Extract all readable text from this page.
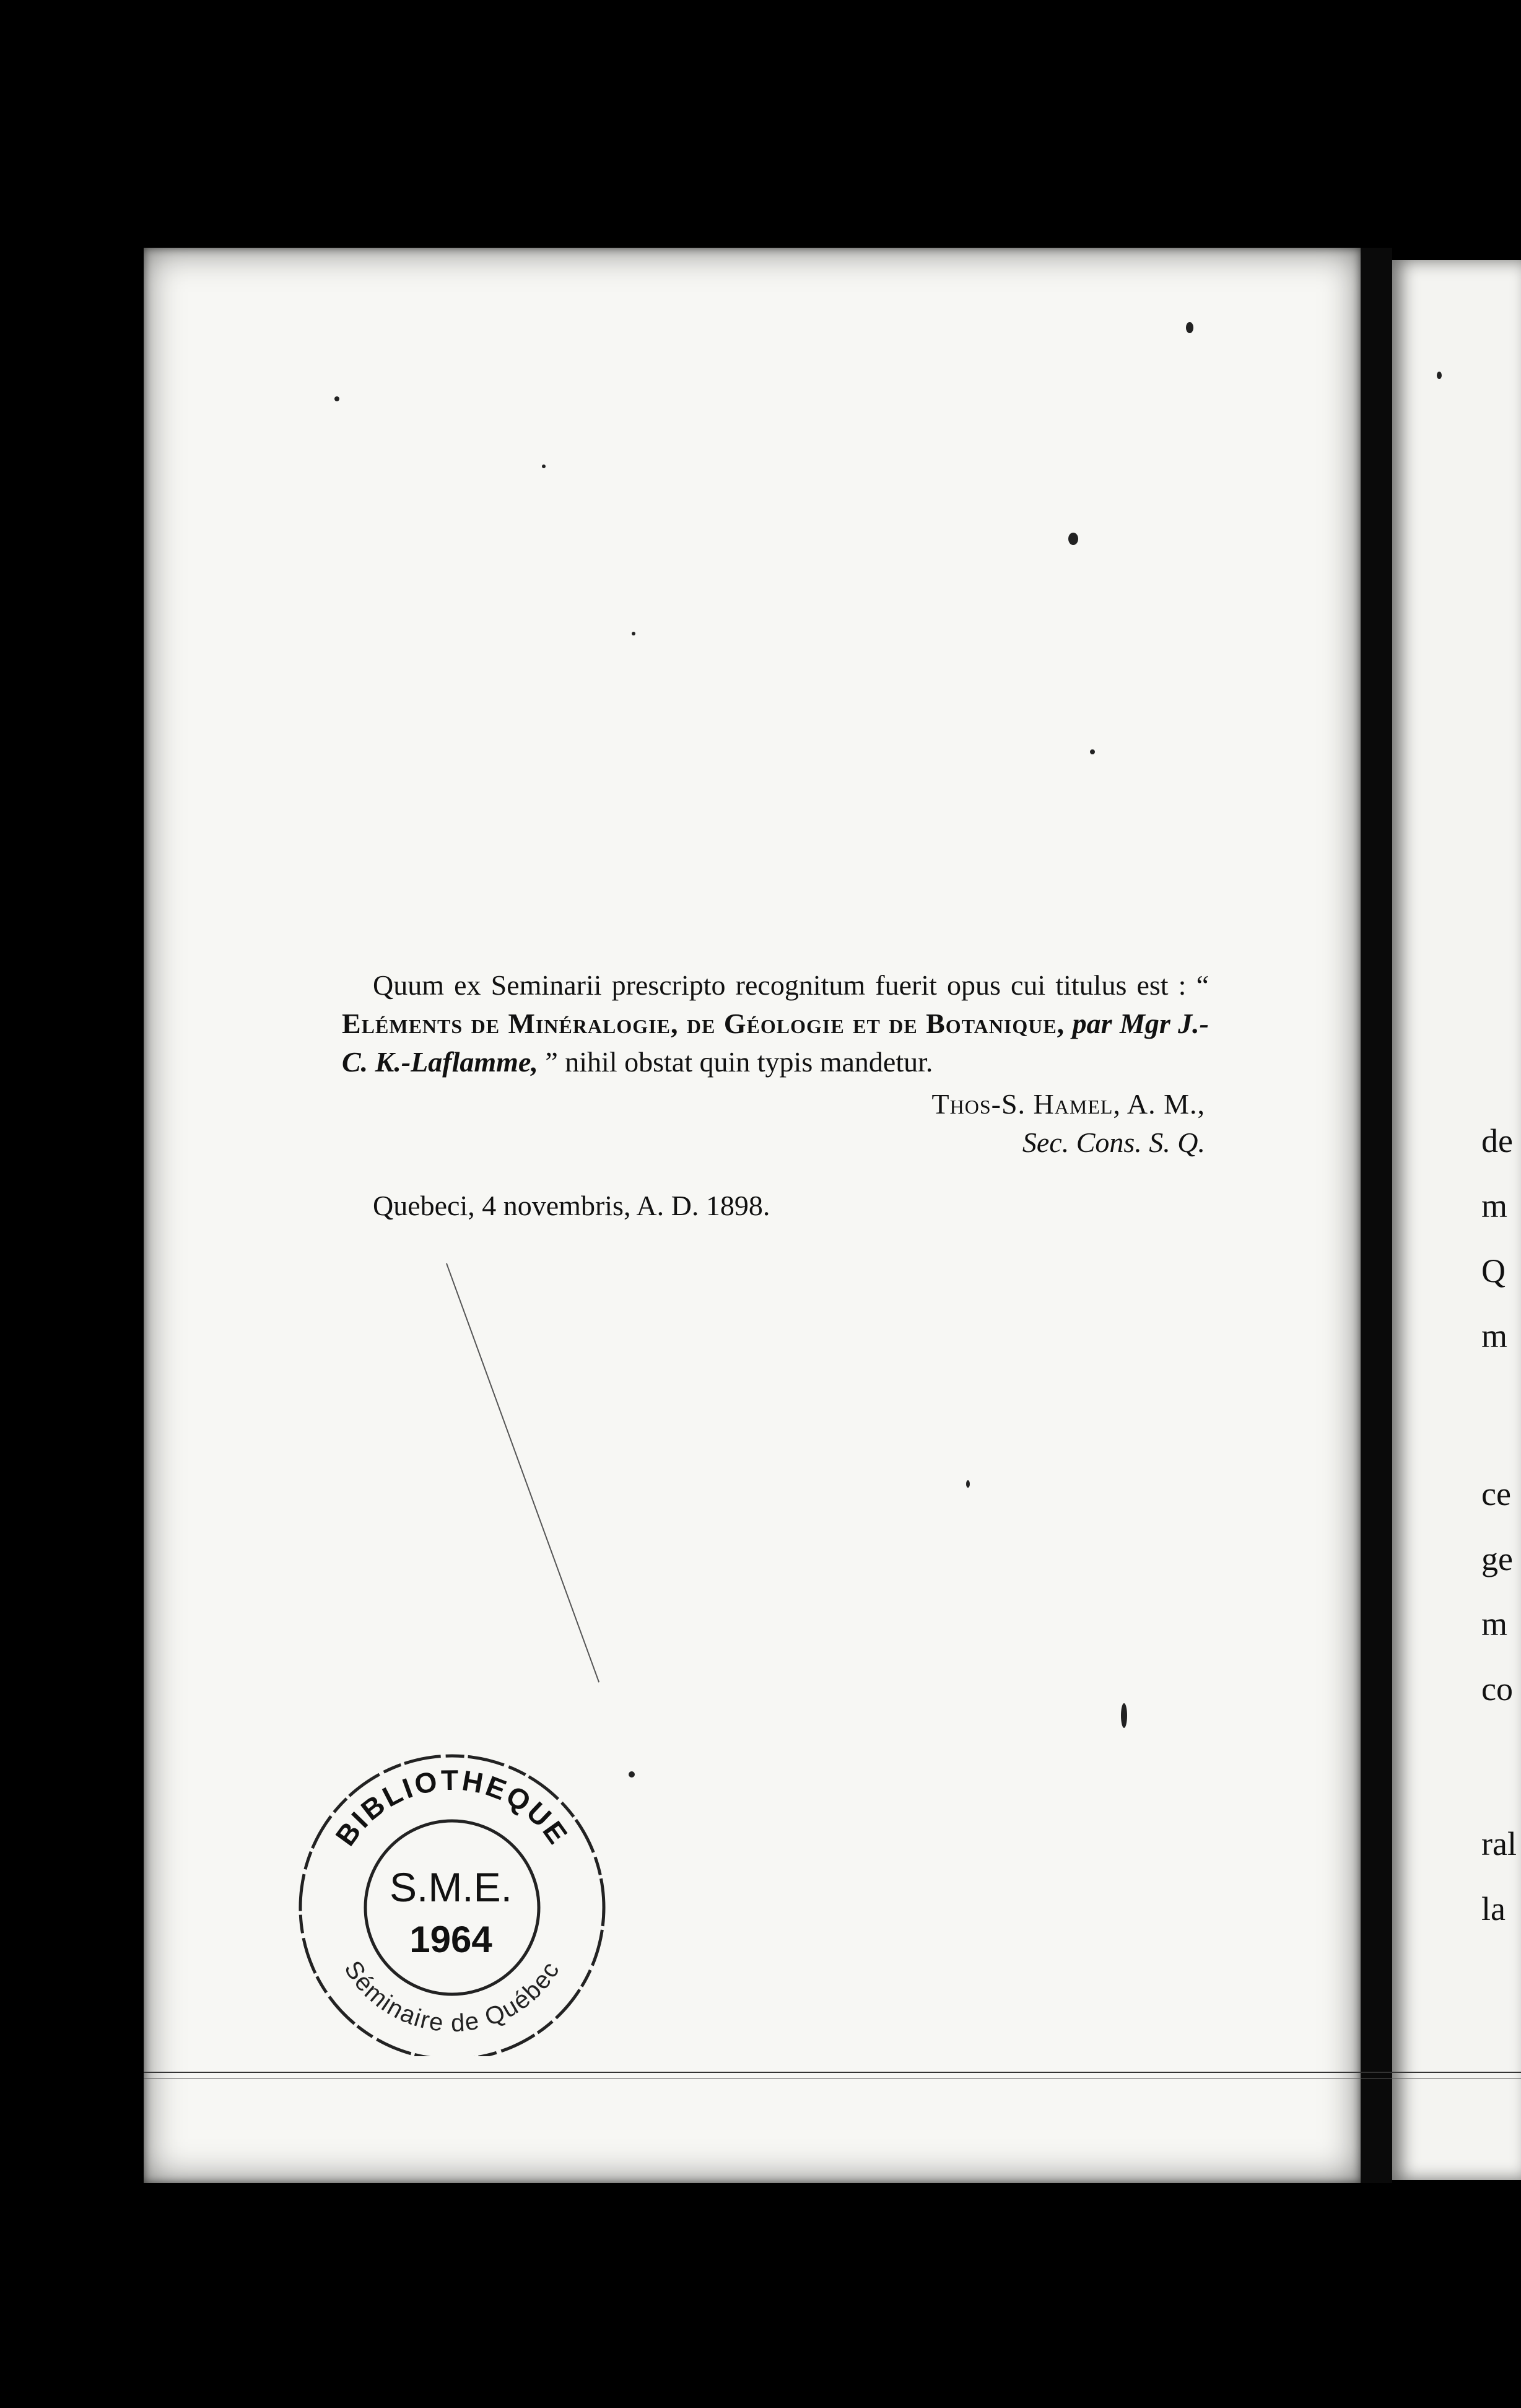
Quum ex Seminarii prescripto recognitum fuerit opus cui titulus est : “ Eléments de Minéralogie, de Géologie et de Botanique, par Mgr J.-C. K.-Laflamme, ” nihil obstat quin typis mandetur.

Thos-S. Hamel, A. M.,

Sec. Cons. S. Q.

Quebeci, 4 novembris, A. D. 1898.

BIBLIOTHEQUE
Séminaire de Québec
S.M.E.
1964
de
m
Q
m
ce
ge
m
co
ral
la
